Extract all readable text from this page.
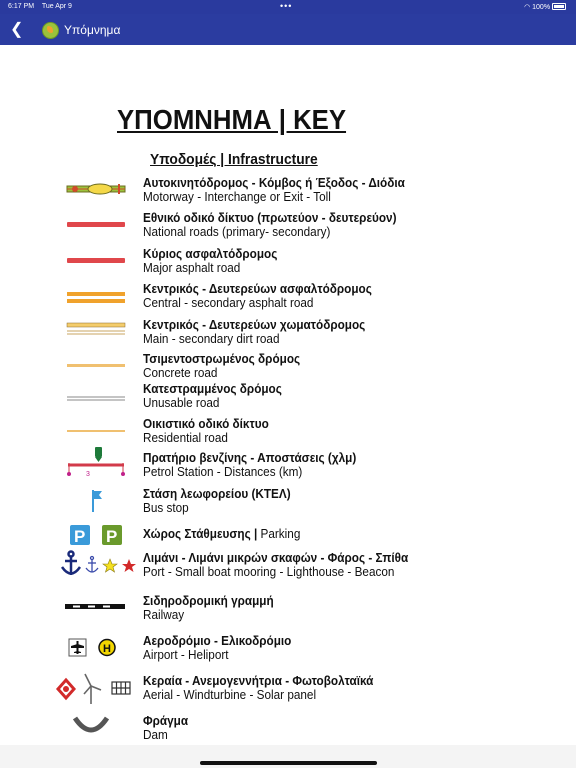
6:17 PM Tue Apr 9	•••	◠ 100%
❮	Υπόμνημα
ΥΠΟΜΝΗΜΑ | KEY
Υποδομές | Infrastructure
Αυτοκινητόδρομος - Κόμβος ή Έξοδος - Διόδια
Motorway - Interchange or Exit - Toll
Εθνικό οδικό δίκτυο (πρωτεύον - δευτερεύον)
National roads (primary- secondary)
Κύριος ασφαλτόδρομος
Major asphalt road
Κεντρικός - Δευτερεύων ασφαλτόδρομος
Central - secondary asphalt road
Κεντρικός - Δευτερεύων χωματόδρομος
Main - secondary dirt road
Τσιμεντοστρωμένος δρόμος
Concrete road
Κατεστραμμένος δρόμος
Unusable road
Οικιστικό οδικό δίκτυο
Residential road
3
Πρατήριο βενζίνης - Αποστάσεις (χλμ)
Petrol Station - Distances (km)
Στάση λεωφορείου (ΚΤΕΛ)
Bus stop
P P Χώρος Στάθμευσης | Parking
Λιμάνι - Λιμάνι μικρών σκαφών - Φάρος - Σπίθα
Port - Small boat mooring - Lighthouse - Beacon
Σιδηροδρομική γραμμή
Railway
H
Αεροδρόμιο - Ελικοδρόμιο
Airport - Heliport
Κεραία - Ανεμογεννήτρια - Φωτοβολταϊκά
Aerial - Windturbine - Solar panel
Φράγμα
Dam
